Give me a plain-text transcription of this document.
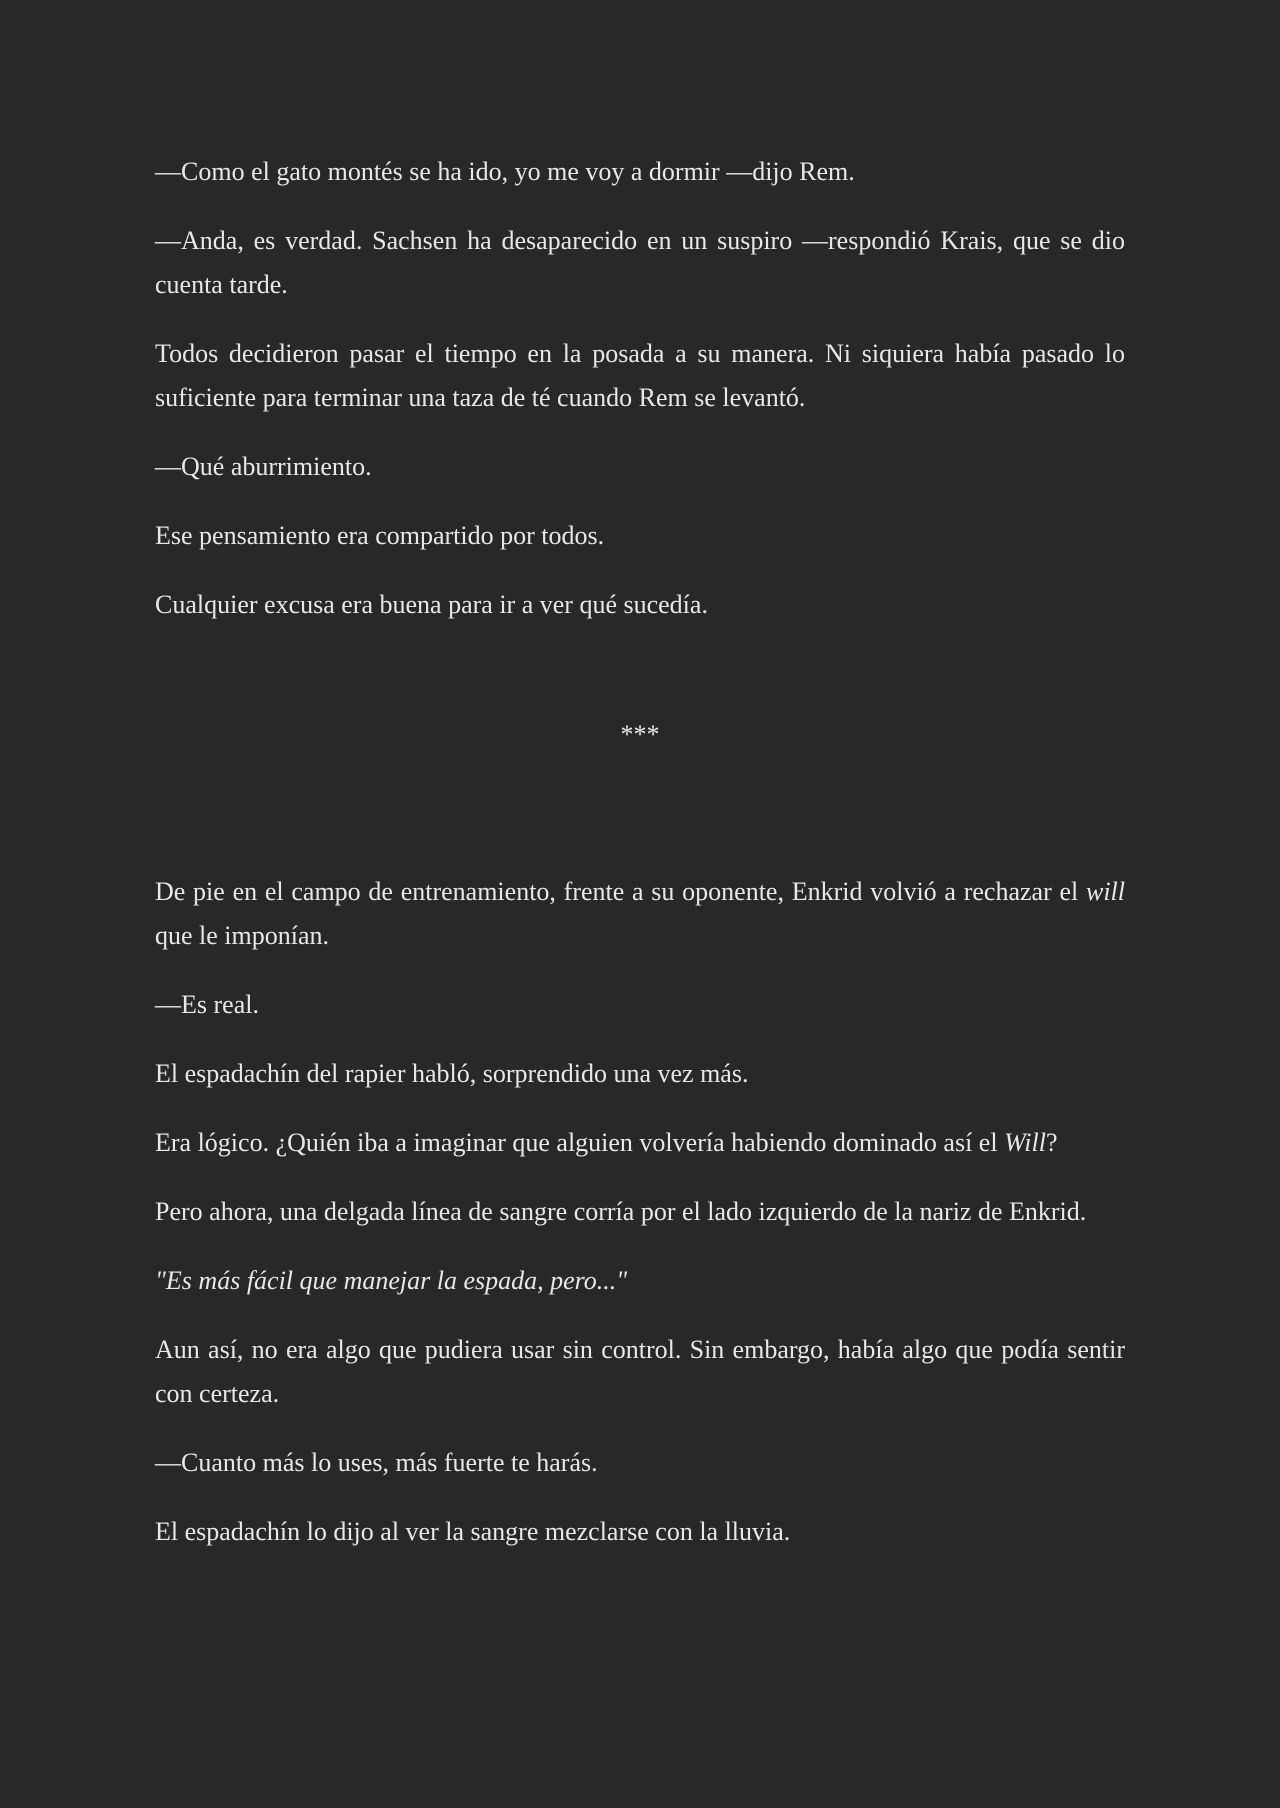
—Como el gato montés se ha ido, yo me voy a dormir —dijo Rem.

—Anda, es verdad. Sachsen ha desaparecido en un suspiro —respondió Krais, que se dio cuenta tarde.

Todos decidieron pasar el tiempo en la posada a su manera. Ni siquiera había pasado lo suficiente para terminar una taza de té cuando Rem se levantó.

—Qué aburrimiento.

Ese pensamiento era compartido por todos.

Cualquier excusa era buena para ir a ver qué sucedía.

***

De pie en el campo de entrenamiento, frente a su oponente, Enkrid volvió a rechazar el will que le imponían.

—Es real.

El espadachín del rapier habló, sorprendido una vez más.

Era lógico. ¿Quién iba a imaginar que alguien volvería habiendo dominado así el Will?

Pero ahora, una delgada línea de sangre corría por el lado izquierdo de la nariz de Enkrid.

"Es más fácil que manejar la espada, pero..."

Aun así, no era algo que pudiera usar sin control. Sin embargo, había algo que podía sentir con certeza.

—Cuanto más lo uses, más fuerte te harás.

El espadachín lo dijo al ver la sangre mezclarse con la lluvia.
